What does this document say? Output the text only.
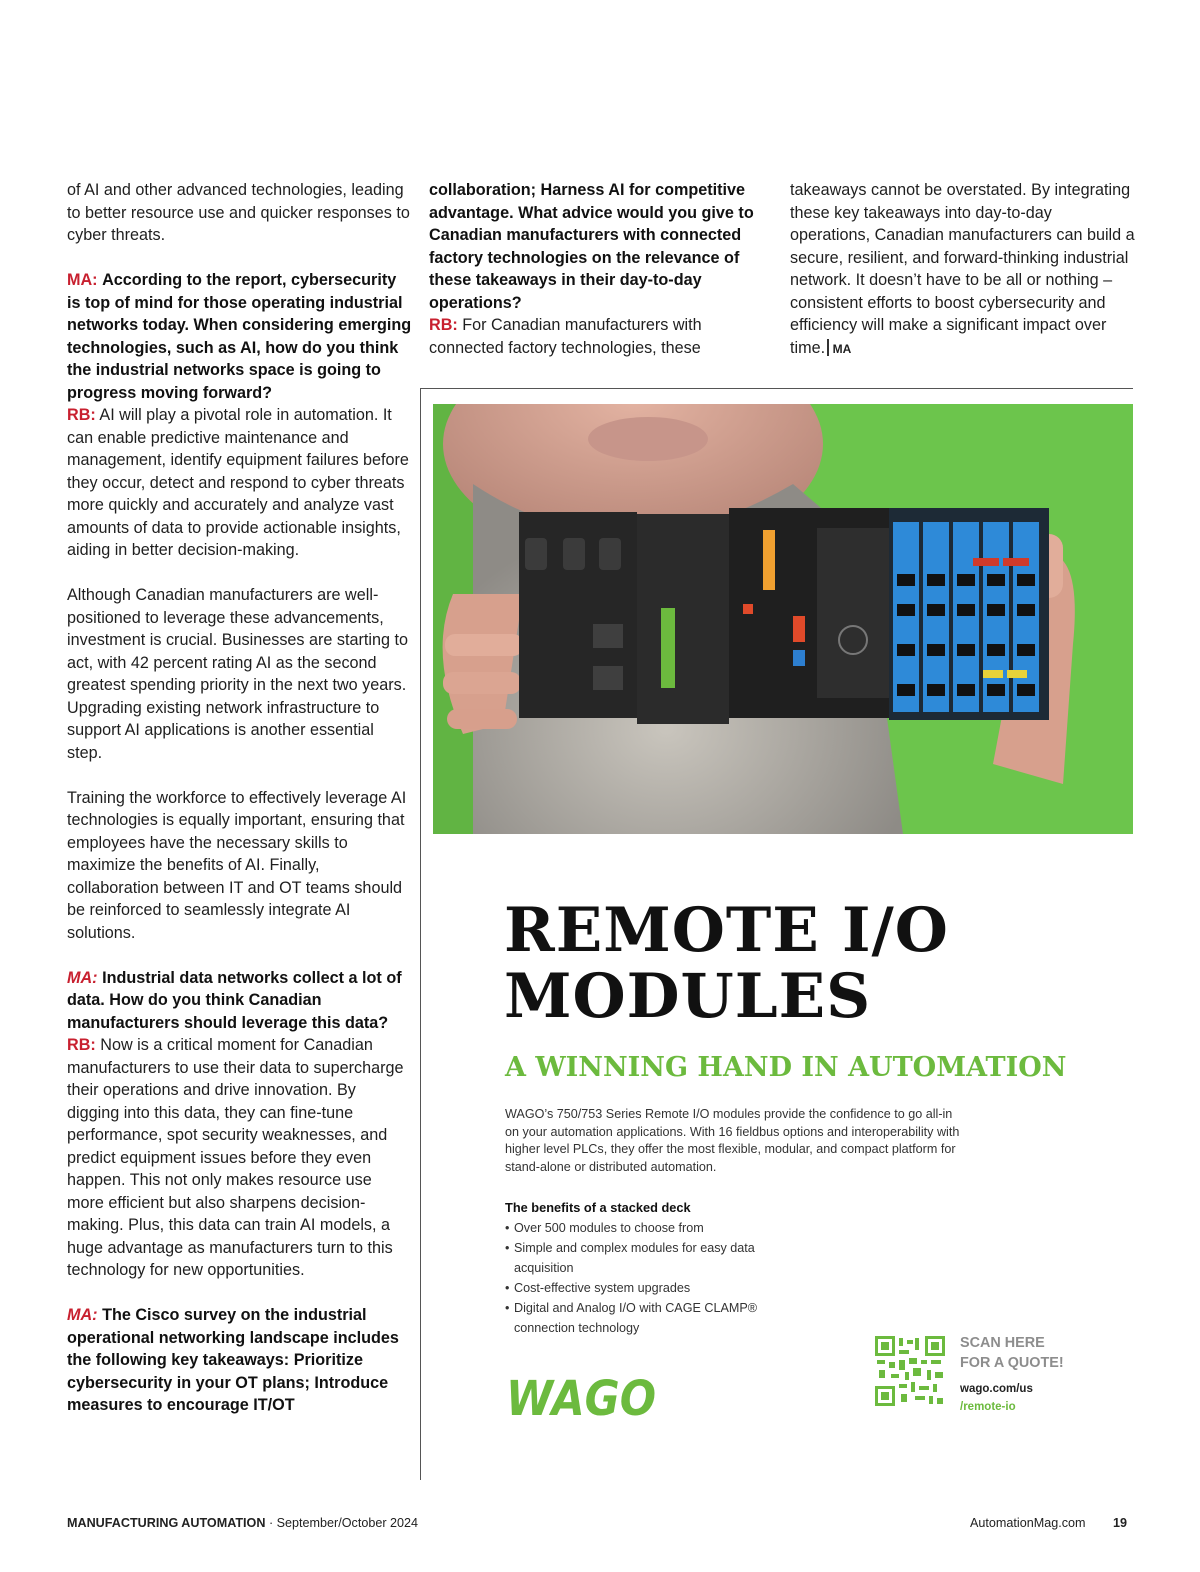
of AI and other advanced technologies, leading to better resource use and quicker responses to cyber threats.

MA: According to the report, cybersecurity is top of mind for those operating industrial networks today. When considering emerging technologies, such as AI, how do you think the industrial networks space is going to progress moving forward?
RB: AI will play a pivotal role in automation. It can enable predictive maintenance and management, identify equipment failures before they occur, detect and respond to cyber threats more quickly and accurately and analyze vast amounts of data to provide actionable insights, aiding in better decision-making.

Although Canadian manufacturers are well-positioned to leverage these advancements, investment is crucial. Businesses are starting to act, with 42 percent rating AI as the second greatest spending priority in the next two years. Upgrading existing network infrastructure to support AI applications is another essential step.

Training the workforce to effectively leverage AI technologies is equally important, ensuring that employees have the necessary skills to maximize the benefits of AI. Finally, collaboration between IT and OT teams should be reinforced to seamlessly integrate AI solutions.

MA: Industrial data networks collect a lot of data. How do you think Canadian manufacturers should leverage this data?
RB: Now is a critical moment for Canadian manufacturers to use their data to supercharge their operations and drive innovation. By digging into this data, they can fine-tune performance, spot security weaknesses, and predict equipment issues before they even happen. This not only makes resource use more efficient but also sharpens decision-making. Plus, this data can train AI models, a huge advantage as manufacturers turn to this technology for new opportunities.

MA: The Cisco survey on the industrial operational networking landscape includes the following key takeaways: Prioritize cybersecurity in your OT plans; Introduce measures to encourage IT/OT

collaboration; Harness AI for competitive advantage. What advice would you give to Canadian manufacturers with connected factory technologies on the relevance of these takeaways in their day-to-day operations?
RB: For Canadian manufacturers with connected factory technologies, these

takeaways cannot be overstated. By integrating these key takeaways into day-to-day operations, Canadian manufacturers can build a secure, resilient, and forward-thinking industrial network. It doesn’t have to be all or nothing – consistent efforts to boost cybersecurity and efficiency will make a significant impact over time. MA

REMOTE I/O
MODULES
A WINNING HAND IN AUTOMATION
WAGO’s 750/753 Series Remote I/O modules provide the confidence to go all-in on your automation applications. With 16 fieldbus options and interoperability with higher level PLCs, they offer the most flexible, modular, and compact platform for stand-alone or distributed automation.
The benefits of a stacked deck
• Over 500 modules to choose from
• Simple and complex modules for easy data acquisition
• Cost-effective system upgrades
• Digital and Analog I/O with CAGE CLAMP® connection technology
WAGO
SCAN HERE
FOR A QUOTE!
wago.com/us
/remote-io
MANUFACTURING AUTOMATION · September/October 2024	AutomationMag.com 19
